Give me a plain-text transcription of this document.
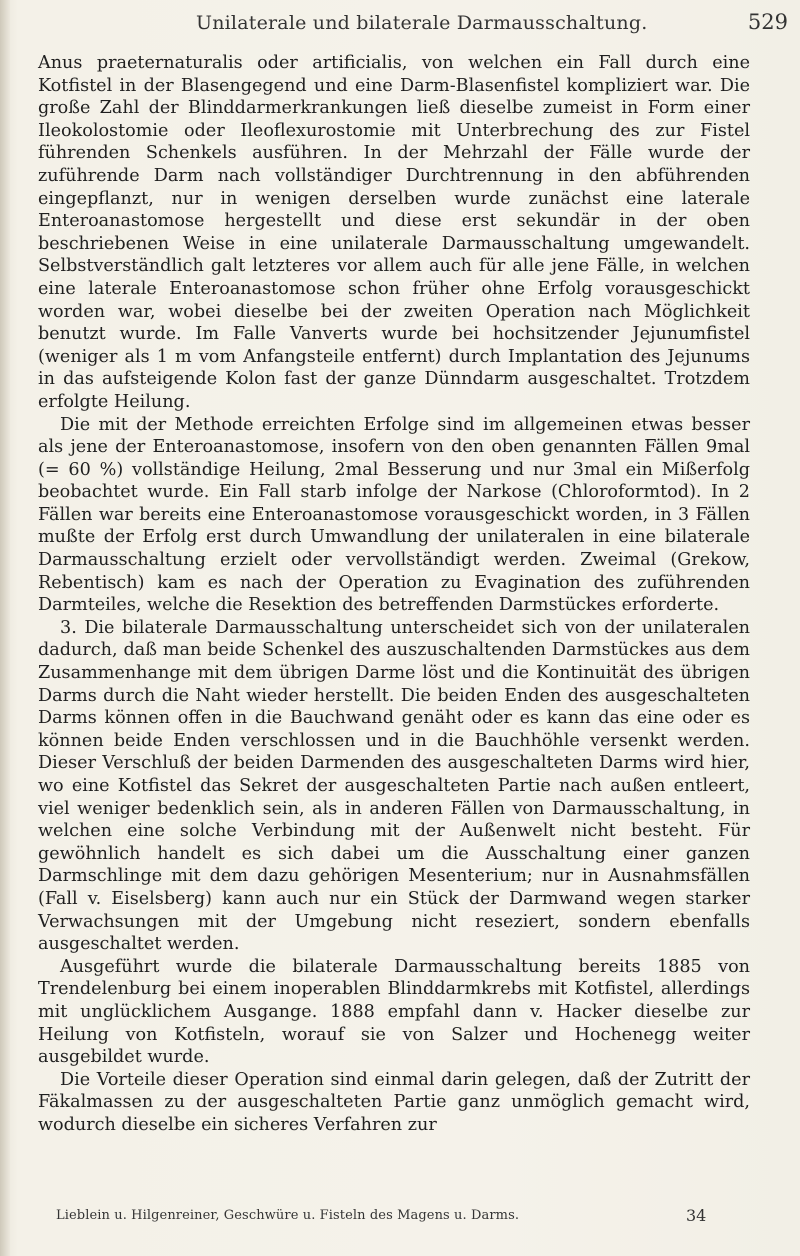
Unilaterale und bilaterale Darmausschaltung.	529

Anus praeternaturalis oder artificialis, von welchen ein Fall durch eine Kotfistel in der Blasengegend und eine Darm-Blasenfistel kompliziert war. Die große Zahl der Blinddarmerkrankungen ließ dieselbe zumeist in Form einer Ileokolostomie oder Ileoflexurostomie mit Unterbrechung des zur Fistel führenden Schenkels ausführen. In der Mehrzahl der Fälle wurde der zuführende Darm nach vollständiger Durchtrennung in den abführenden eingepflanzt, nur in wenigen derselben wurde zunächst eine laterale Enteroanastomose hergestellt und diese erst sekundär in der oben beschriebenen Weise in eine unilaterale Darmausschaltung umgewandelt. Selbstverständlich galt letzteres vor allem auch für alle jene Fälle, in welchen eine laterale Enteroanastomose schon früher ohne Erfolg vorausgeschickt worden war, wobei dieselbe bei der zweiten Operation nach Möglichkeit benutzt wurde. Im Falle Vanverts wurde bei hochsitzender Jejunumfistel (weniger als 1 m vom Anfangsteile entfernt) durch Implantation des Jejunums in das aufsteigende Kolon fast der ganze Dünndarm ausgeschaltet. Trotzdem erfolgte Heilung.

Die mit der Methode erreichten Erfolge sind im allgemeinen etwas besser als jene der Enteroanastomose, insofern von den oben genannten Fällen 9mal (= 60 %) vollständige Heilung, 2mal Besserung und nur 3mal ein Mißerfolg beobachtet wurde. Ein Fall starb infolge der Narkose (Chloroformtod). In 2 Fällen war bereits eine Enteroanastomose vorausgeschickt worden, in 3 Fällen mußte der Erfolg erst durch Umwandlung der unilateralen in eine bilaterale Darmausschaltung erzielt oder vervollständigt werden. Zweimal (Grekow, Rebentisch) kam es nach der Operation zu Evagination des zuführenden Darmteiles, welche die Resektion des betreffenden Darmstückes erforderte.

3. Die bilaterale Darmausschaltung unterscheidet sich von der unilateralen dadurch, daß man beide Schenkel des auszuschaltenden Darmstückes aus dem Zusammenhange mit dem übrigen Darme löst und die Kontinuität des übrigen Darms durch die Naht wieder herstellt. Die beiden Enden des ausgeschalteten Darms können offen in die Bauchwand genäht oder es kann das eine oder es können beide Enden verschlossen und in die Bauchhöhle versenkt werden. Dieser Verschluß der beiden Darmenden des ausgeschalteten Darms wird hier, wo eine Kotfistel das Sekret der ausgeschalteten Partie nach außen entleert, viel weniger bedenklich sein, als in anderen Fällen von Darmausschaltung, in welchen eine solche Verbindung mit der Außenwelt nicht besteht. Für gewöhnlich handelt es sich dabei um die Ausschaltung einer ganzen Darmschlinge mit dem dazu gehörigen Mesenterium; nur in Ausnahmsfällen (Fall v. Eiselsberg) kann auch nur ein Stück der Darmwand wegen starker Verwachsungen mit der Umgebung nicht reseziert, sondern ebenfalls ausgeschaltet werden.

Ausgeführt wurde die bilaterale Darmausschaltung bereits 1885 von Trendelenburg bei einem inoperablen Blinddarmkrebs mit Kotfistel, allerdings mit unglücklichem Ausgange. 1888 empfahl dann v. Hacker dieselbe zur Heilung von Kotfisteln, worauf sie von Salzer und Hochenegg weiter ausgebildet wurde.

Die Vorteile dieser Operation sind einmal darin gelegen, daß der Zutritt der Fäkalmassen zu der ausgeschalteten Partie ganz unmöglich gemacht wird, wodurch dieselbe ein sicheres Verfahren zur

Lieblein u. Hilgenreiner, Geschwüre u. Fisteln des Magens u. Darms.	34
